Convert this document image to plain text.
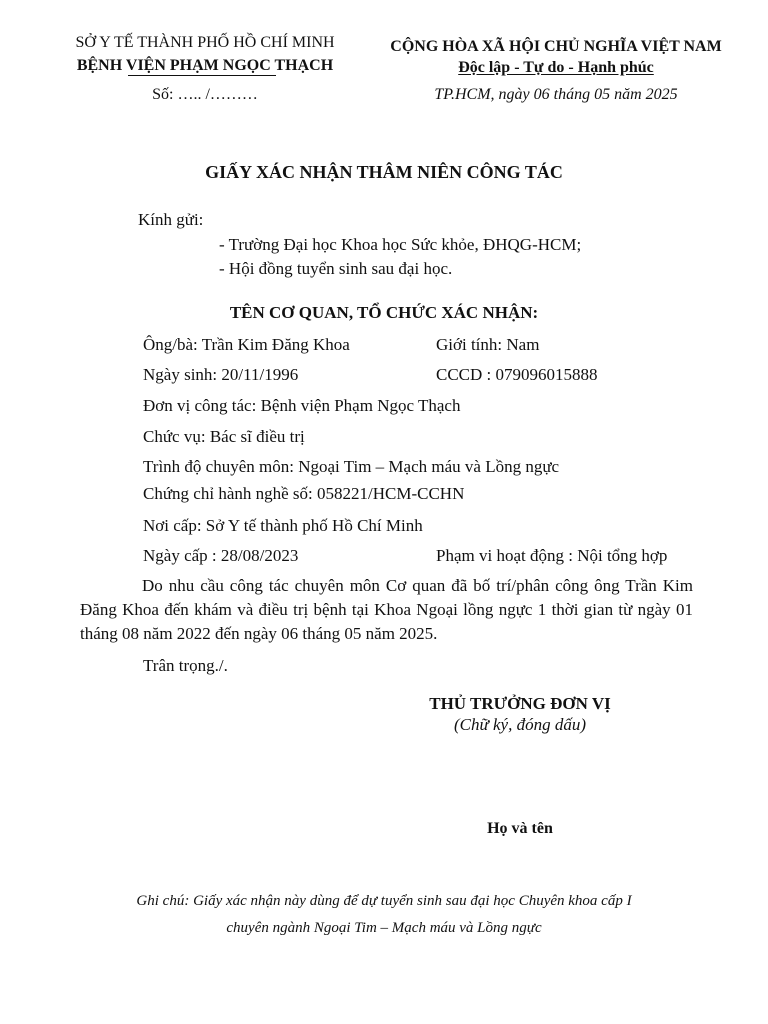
SỞ Y TẾ THÀNH PHỐ HỒ CHÍ MINH
BỆNH VIỆN PHẠM NGỌC THẠCH
Số: ….. /………
CỘNG HÒA XÃ HỘI CHỦ NGHĨA VIỆT NAM
Độc lập - Tự do - Hạnh phúc
TP.HCM, ngày 06 tháng 05 năm 2025
GIẤY XÁC NHẬN THÂM NIÊN CÔNG TÁC
Kính gửi:
- Trường Đại học Khoa học Sức khỏe, ĐHQG-HCM;
- Hội đồng tuyển sinh sau đại học.
TÊN CƠ QUAN, TỔ CHỨC XÁC NHẬN:
Ông/bà: Trần Kim Đăng Khoa	Giới tính: Nam
Ngày sinh: 20/11/1996	CCCD : 079096015888
Đơn vị công tác: Bệnh viện Phạm Ngọc Thạch
Chức vụ: Bác sĩ điều trị
Trình độ chuyên môn: Ngoại Tim – Mạch máu và Lồng ngực
Chứng chỉ hành nghề số: 058221/HCM-CCHN
Nơi cấp: Sở Y tế thành phố Hồ Chí Minh
Ngày cấp : 28/08/2023	Phạm vi hoạt động : Nội tổng hợp
Do nhu cầu công tác chuyên môn Cơ quan đã bố trí/phân công ông Trần Kim Đăng Khoa đến khám và điều trị bệnh tại Khoa Ngoại lồng ngực 1 thời gian từ ngày 01 tháng 08 năm 2022 đến ngày 06 tháng 05 năm 2025.
Trân trọng./.
THỦ TRƯỞNG ĐƠN VỊ
(Chữ ký, đóng dấu)
Họ và tên
Ghi chú: Giấy xác nhận này dùng để dự tuyển sinh sau đại học Chuyên khoa cấp I
chuyên ngành Ngoại Tim – Mạch máu và Lồng ngực
